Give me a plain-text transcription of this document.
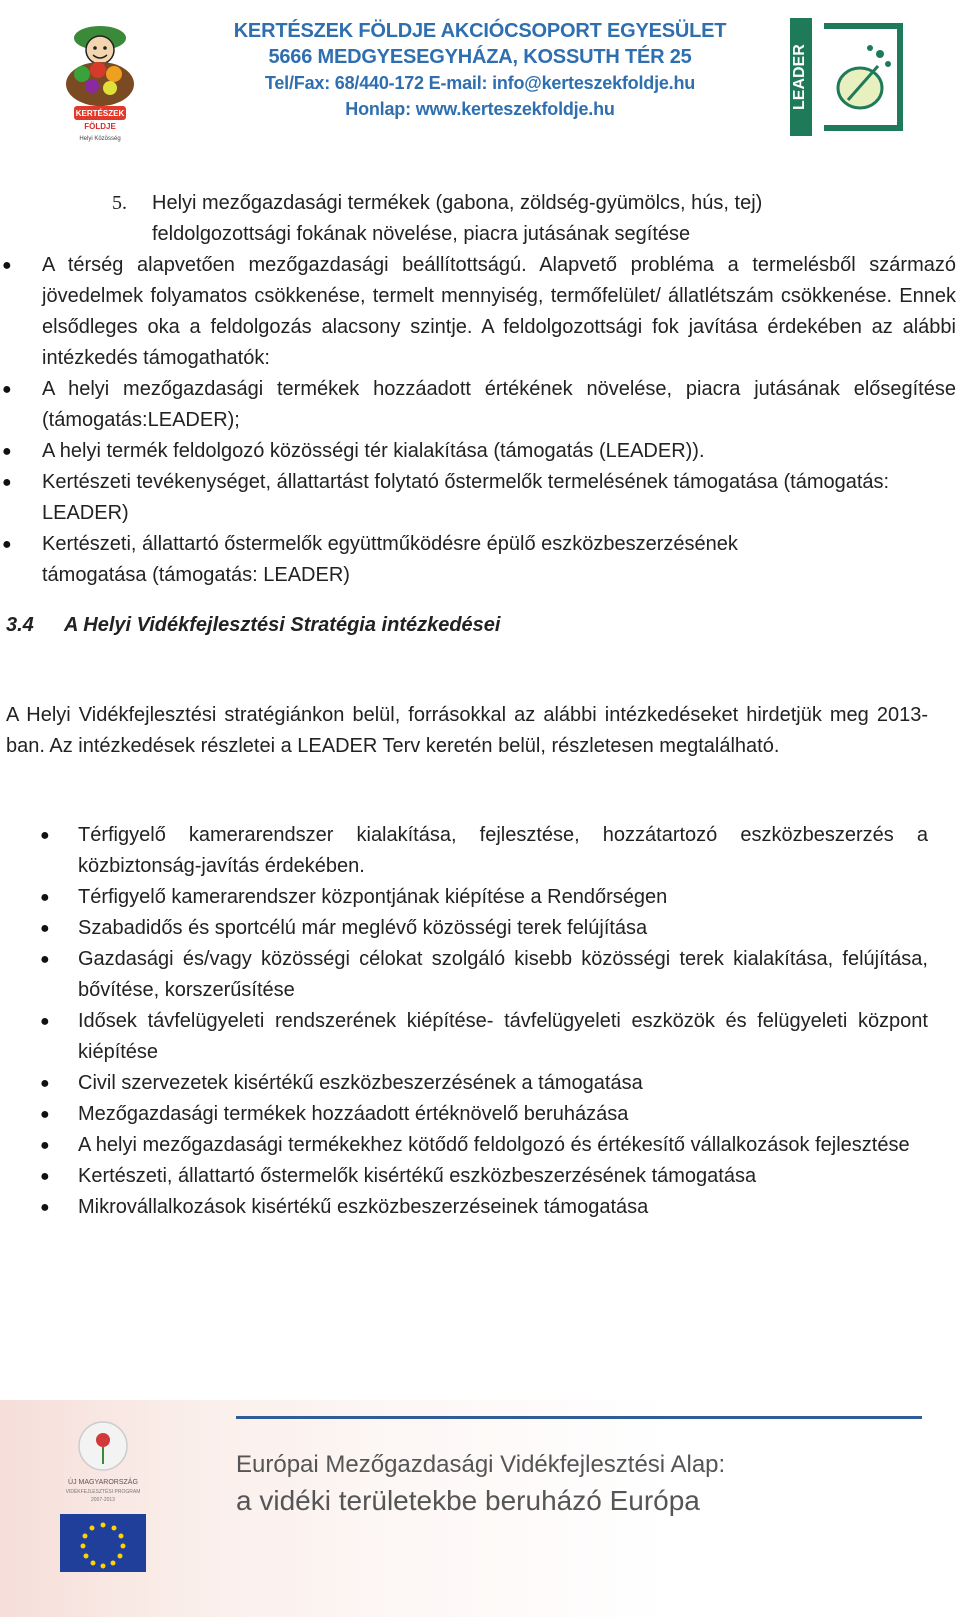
KERTÉSZEK
FÖLDJE
Helyi Közösség
KERTÉSZEK FÖLDJE AKCIÓCSOPORT EGYESÜLET
5666 MEDGYESEGYHÁZA, KOSSUTH TÉR 25
Tel/Fax: 68/440-172 E-mail: info@kerteszekfoldje.hu
Honlap: www.kerteszekfoldje.hu	LEADER
5.	Helyi mezőgazdasági termékek (gabona, zöldség-gyümölcs, hús, tej) feldolgozottsági fokának növelése, piacra jutásának segítése
● A térség alapvetően mezőgazdasági beállítottságú. Alapvető probléma a termelésből származó jövedelmek folyamatos csökkenése, termelt mennyiség, termőfelület/ állatlétszám csökkenése. Ennek elsődleges oka a feldolgozás alacsony szintje. A feldolgozottsági fok javítása érdekében az alábbi intézkedés támogathatók:
● A helyi mezőgazdasági termékek hozzáadott értékének növelése, piacra jutásának elősegítése (támogatás:LEADER);
● A helyi termék feldolgozó közösségi tér kialakítása (támogatás (LEADER)).
● Kertészeti tevékenységet, állattartást folytató őstermelők termelésének támogatása (támogatás: LEADER)
● Kertészeti, állattartó őstermelők együttműködésre épülő eszközbeszerzésének támogatása (támogatás: LEADER)
3.4 A Helyi Vidékfejlesztési Stratégia intézkedései
A Helyi Vidékfejlesztési stratégiánkon belül, forrásokkal az alábbi intézkedéseket hirdetjük meg 2013-ban. Az intézkedések részletei a LEADER Terv keretén belül, részletesen megtalálható.
● Térfigyelő kamerarendszer kialakítása, fejlesztése, hozzátartozó eszközbeszerzés a közbiztonság-javítás érdekében.
● Térfigyelő kamerarendszer központjának kiépítése a Rendőrségen
● Szabadidős és sportcélú már meglévő közösségi terek felújítása
● Gazdasági és/vagy közösségi célokat szolgáló kisebb közösségi terek kialakítása, felújítása, bővítése, korszerűsítése
● Idősek távfelügyeleti rendszerének kiépítése- távfelügyeleti eszközök és felügyeleti központ kiépítése
● Civil szervezetek kisértékű eszközbeszerzésének a támogatása
● Mezőgazdasági termékek hozzáadott értéknövelő beruházása
● A helyi mezőgazdasági termékekhez kötődő feldolgozó és értékesítő vállalkozások fejlesztése
● Kertészeti, állattartó őstermelők kisértékű eszközbeszerzésének támogatása
● Mikrovállalkozások kisértékű eszközbeszerzéseinek támogatása
ÚJ MAGYARORSZÁG
VIDÉKFEJLESZTÉSI PROGRAM
2007-2013
Európai Mezőgazdasági Vidékfejlesztési Alap:
a vidéki területekbe beruházó Európa
